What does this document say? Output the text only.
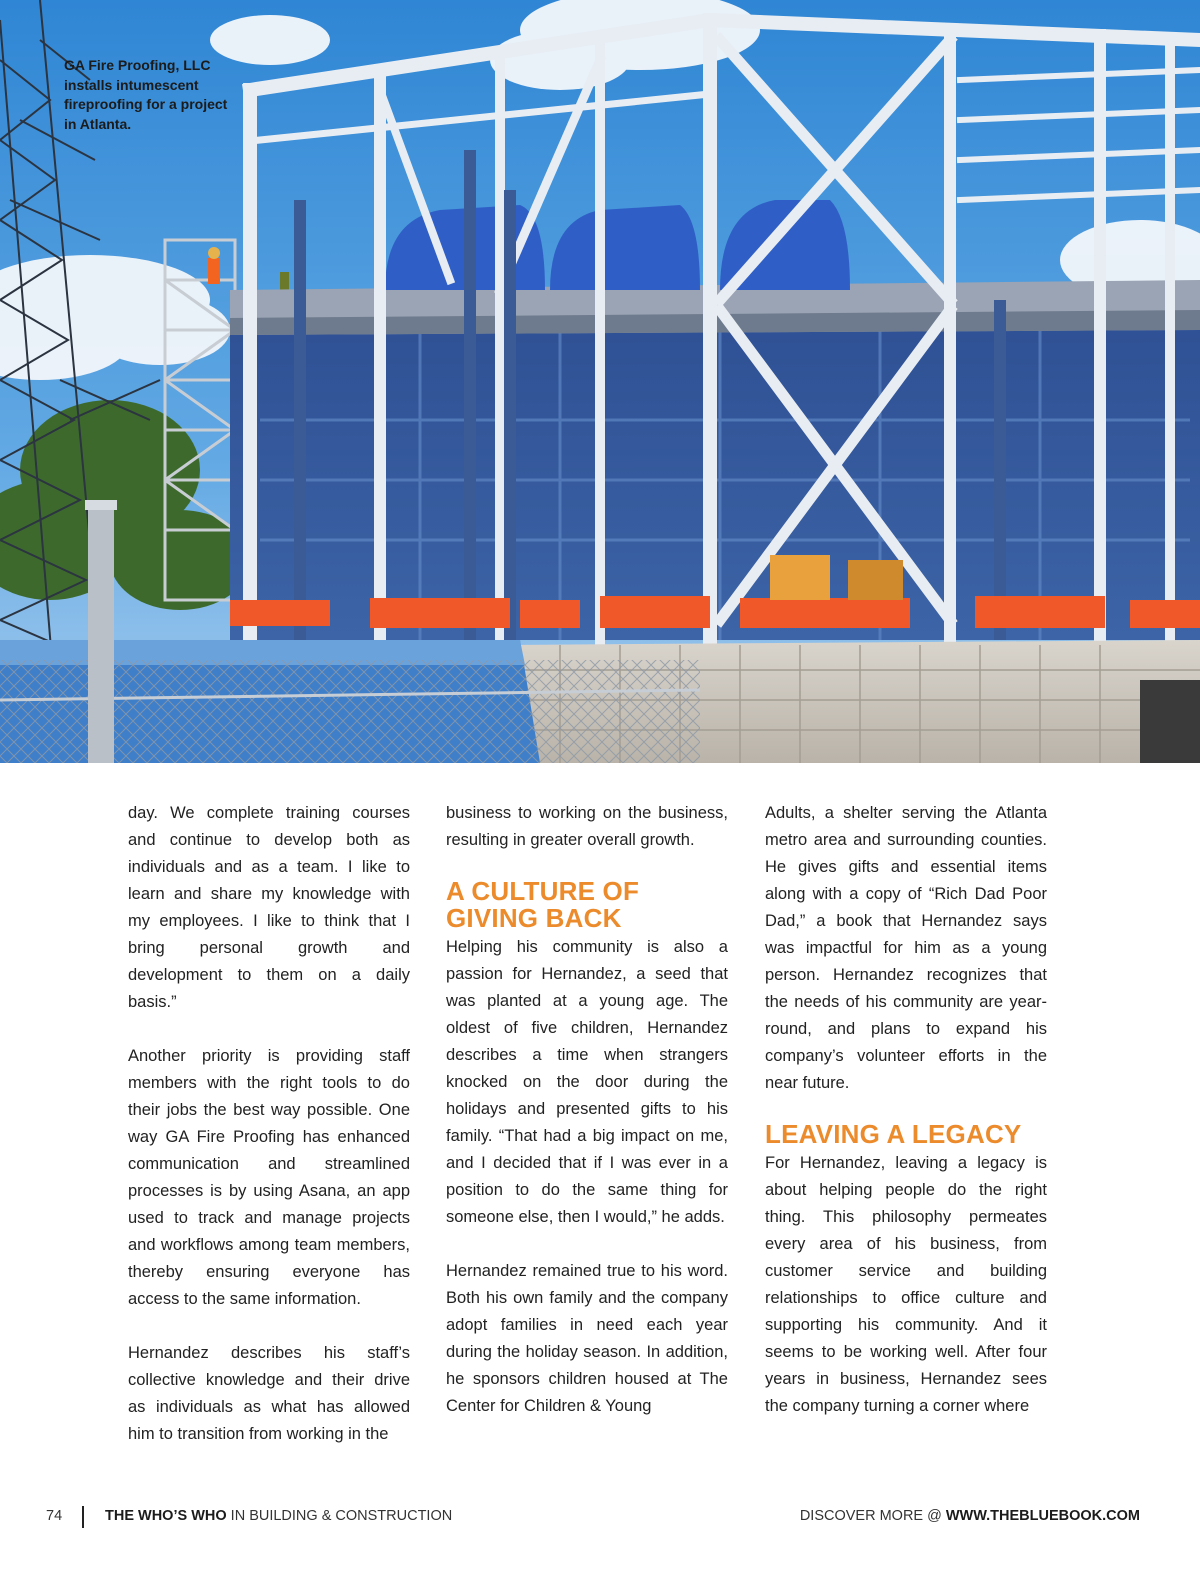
GA Fire Proofing, LLC installs intumescent fireproofing for a project in Atlanta.

day. We complete training courses and continue to develop both as individuals and as a team. I like to learn and share my knowledge with my employees. I like to think that I bring personal growth and development to them on a daily basis.”

Another priority is providing staff members with the right tools to do their jobs the best way possible. One way GA Fire Proofing has enhanced communication and streamlined processes is by using Asana, an app used to track and manage projects and workflows among team members, thereby ensuring everyone has access to the same information.

Hernandez describes his staff’s collective knowledge and their drive as individuals as what has allowed him to transition from working in the

business to working on the business, resulting in greater overall growth.

A CULTURE OF GIVING BACK

Helping his community is also a passion for Hernandez, a seed that was planted at a young age. The oldest of five children, Hernandez describes a time when strangers knocked on the door during the holidays and presented gifts to his family. “That had a big impact on me, and I decided that if I was ever in a position to do the same thing for someone else, then I would,” he adds.

Hernandez remained true to his word. Both his own family and the company adopt families in need each year during the holiday season. In addition, he sponsors children housed at The Center for Children & Young

Adults, a shelter serving the Atlanta metro area and surrounding counties. He gives gifts and essential items along with a copy of “Rich Dad Poor Dad,” a book that Hernandez says was impactful for him as a young person. Hernandez recognizes that the needs of his community are year-round, and plans to expand his company’s volunteer efforts in the near future.

LEAVING A LEGACY

For Hernandez, leaving a legacy is about helping people do the right thing. This philosophy permeates every area of his business, from customer service and building relationships to office culture and supporting his community. And it seems to be working well. After four years in business, Hernandez sees the company turning a corner where

74	THE WHO’S WHO IN BUILDING & CONSTRUCTION	DISCOVER MORE @ WWW.THEBLUEBOOK.COM
